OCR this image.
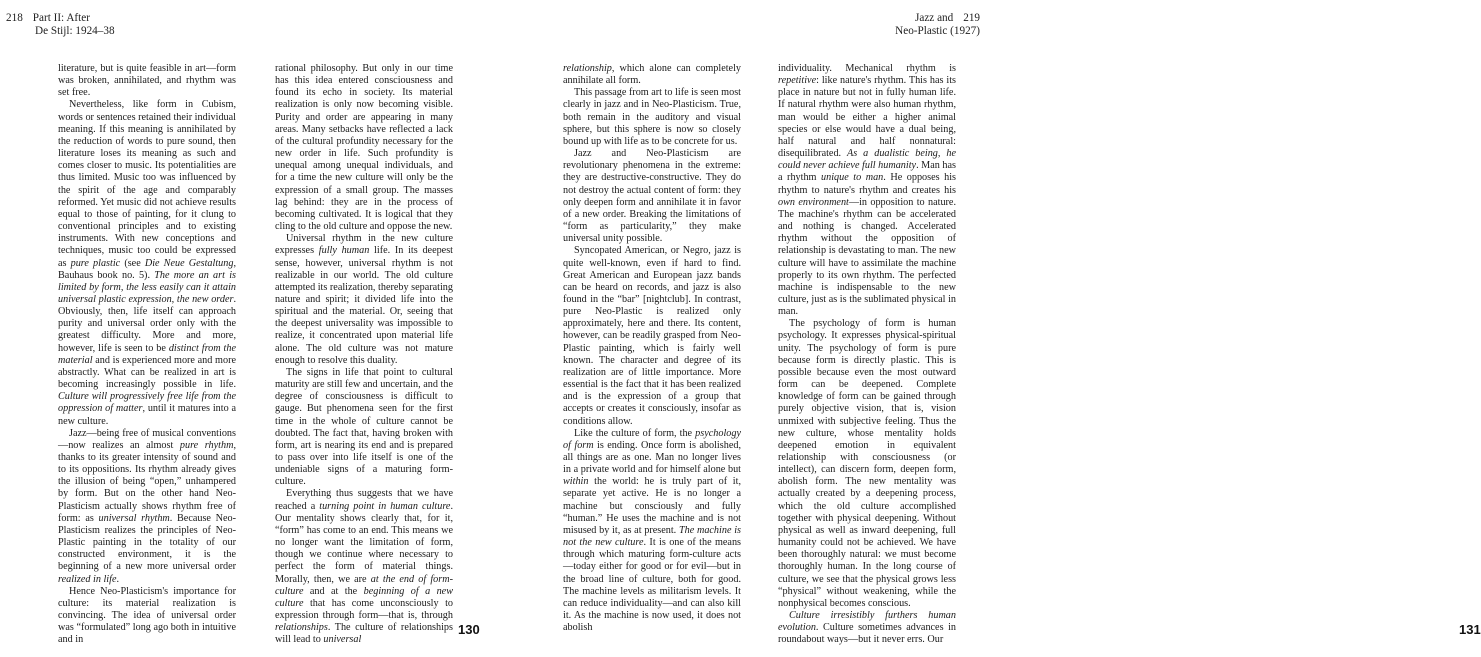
218 Part II: After
De Stijl: 1924–38
130
Jazz and 219
Neo-Plastic (1927)
131

literature, but is quite feasible in art—form was broken, annihilated, and rhythm was set free.

Nevertheless, like form in Cubism, words or sentences retained their individual meaning. If this meaning is annihilated by the reduction of words to pure sound, then literature loses its meaning as such and comes closer to music. Its potentialities are thus limited. Music too was influenced by the spirit of the age and comparably reformed. Yet music did not achieve results equal to those of painting, for it clung to conventional principles and to existing instruments. With new conceptions and techniques, music too could be expressed as pure plastic (see Die Neue Gestaltung, Bauhaus book no. 5). The more an art is limited by form, the less easily can it attain universal plastic expression, the new order. Obviously, then, life itself can approach purity and universal order only with the greatest difficulty. More and more, however, life is seen to be distinct from the material and is experienced more and more abstractly. What can be realized in art is becoming increasingly possible in life. Culture will progressively free life from the oppression of matter, until it matures into a new culture.

Jazz—being free of musical conventions—now realizes an almost pure rhythm, thanks to its greater intensity of sound and to its oppositions. Its rhythm already gives the illusion of being “open,” unhampered by form. But on the other hand Neo-Plasticism actually shows rhythm free of form: as universal rhythm. Because Neo-Plasticism realizes the principles of Neo-Plastic painting in the totality of our constructed environment, it is the beginning of a new more universal order realized in life.

Hence Neo-Plasticism's importance for culture: its material realization is convincing. The idea of universal order was “formulated” long ago both in intuitive and in

rational philosophy. But only in our time has this idea entered consciousness and found its echo in society. Its material realization is only now becoming visible. Purity and order are appearing in many areas. Many setbacks have reflected a lack of the cultural profundity necessary for the new order in life. Such profundity is unequal among unequal individuals, and for a time the new culture will only be the expression of a small group. The masses lag behind: they are in the process of becoming cultivated. It is logical that they cling to the old culture and oppose the new.

Universal rhythm in the new culture expresses fully human life. In its deepest sense, however, universal rhythm is not realizable in our world. The old culture attempted its realization, thereby separating nature and spirit; it divided life into the spiritual and the material. Or, seeing that the deepest universality was impossible to realize, it concentrated upon material life alone. The old culture was not mature enough to resolve this duality.

The signs in life that point to cultural maturity are still few and uncertain, and the degree of consciousness is difficult to gauge. But phenomena seen for the first time in the whole of culture cannot be doubted. The fact that, having broken with form, art is nearing its end and is prepared to pass over into life itself is one of the undeniable signs of a maturing form-culture.

Everything thus suggests that we have reached a turning point in human culture. Our mentality shows clearly that, for it, “form” has come to an end. This means we no longer want the limitation of form, though we continue where necessary to perfect the form of material things. Morally, then, we are at the end of form-culture and at the beginning of a new culture that has come unconsciously to expression through form—that is, through relationships. The culture of relationships will lead to universal

relationship, which alone can completely annihilate all form.

This passage from art to life is seen most clearly in jazz and in Neo-Plasticism. True, both remain in the auditory and visual sphere, but this sphere is now so closely bound up with life as to be concrete for us.

Jazz and Neo-Plasticism are revolutionary phenomena in the extreme: they are destructive-constructive. They do not destroy the actual content of form: they only deepen form and annihilate it in favor of a new order. Breaking the limitations of “form as particularity,” they make universal unity possible.

Syncopated American, or Negro, jazz is quite well-known, even if hard to find. Great American and European jazz bands can be heard on records, and jazz is also found in the “bar” [nightclub]. In contrast, pure Neo-Plastic is realized only approximately, here and there. Its content, however, can be readily grasped from Neo-Plastic painting, which is fairly well known. The character and degree of its realization are of little importance. More essential is the fact that it has been realized and is the expression of a group that accepts or creates it consciously, insofar as conditions allow.

Like the culture of form, the psychology of form is ending. Once form is abolished, all things are as one. Man no longer lives in a private world and for himself alone but within the world: he is truly part of it, separate yet active. He is no longer a machine but consciously and fully “human.” He uses the machine and is not misused by it, as at present. The machine is not the new culture. It is one of the means through which maturing form-culture acts—today either for good or for evil—but in the broad line of culture, both for good. The machine levels as militarism levels. It can reduce individuality—and can also kill it. As the machine is now used, it does not abolish

individuality. Mechanical rhythm is repetitive: like nature's rhythm. This has its place in nature but not in fully human life. If natural rhythm were also human rhythm, man would be either a higher animal species or else would have a dual being, half natural and half nonnatural: disequilibrated. As a dualistic being, he could never achieve full humanity. Man has a rhythm unique to man. He opposes his rhythm to nature's rhythm and creates his own environment—in opposition to nature. The machine's rhythm can be accelerated and nothing is changed. Accelerated rhythm without the opposition of relationship is devastating to man. The new culture will have to assimilate the machine properly to its own rhythm. The perfected machine is indispensable to the new culture, just as is the sublimated physical in man.

The psychology of form is human psychology. It expresses physical-spiritual unity. The psychology of form is pure because form is directly plastic. This is possible because even the most outward form can be deepened. Complete knowledge of form can be gained through purely objective vision, that is, vision unmixed with subjective feeling. Thus the new culture, whose mentality holds deepened emotion in equivalent relationship with consciousness (or intellect), can discern form, deepen form, abolish form. The new mentality was actually created by a deepening process, which the old culture accomplished together with physical deepening. Without physical as well as inward deepening, full humanity could not be achieved. We have been thoroughly natural: we must become thoroughly human. In the long course of culture, we see that the physical grows less “physical” without weakening, while the nonphysical becomes conscious.

Culture irresistibly furthers human evolution. Culture sometimes advances in roundabout ways—but it never errs. Our
